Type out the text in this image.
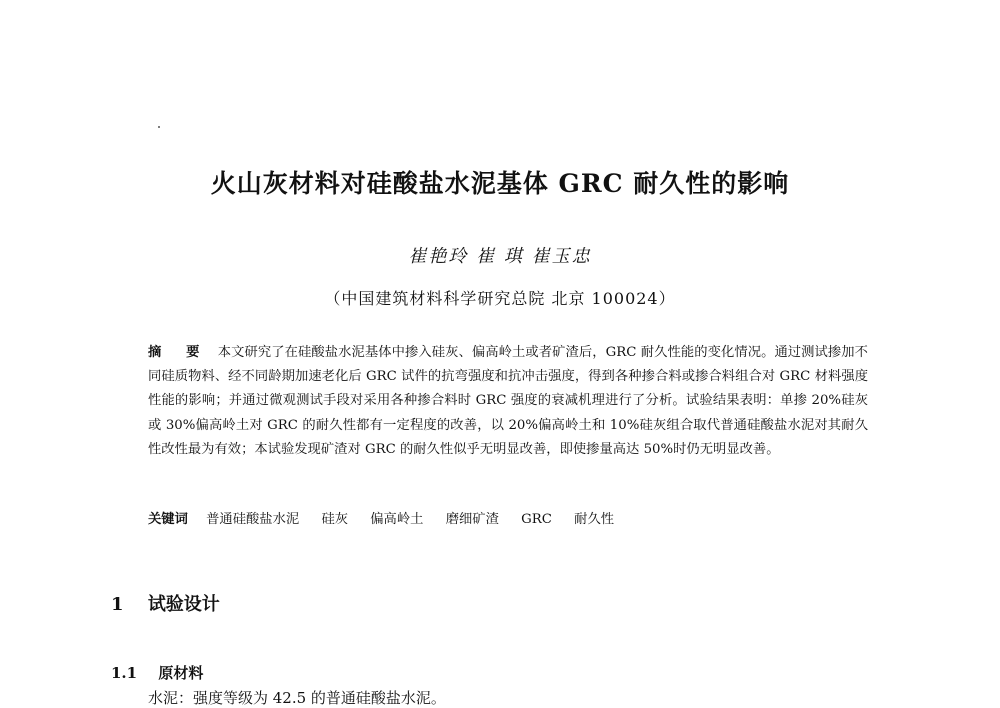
火山灰材料对硅酸盐水泥基体 GRC 耐久性的影响
崔艳玲 崔 琪 崔玉忠
（中国建筑材料科学研究总院 北京 100024）
摘 要 本文研究了在硅酸盐水泥基体中掺入硅灰、偏高岭土或者矿渣后，GRC 耐久性能的变化情况。通过测试掺加不同硅质物料、经不同龄期加速老化后 GRC 试件的抗弯强度和抗冲击强度，得到各种掺合料或掺合料组合对 GRC 材料强度性能的影响；并通过微观测试手段对采用各种掺合料时 GRC 强度的衰减机理进行了分析。试验结果表明：单掺 20%硅灰或 30%偏高岭土对 GRC 的耐久性都有一定程度的改善，以 20%偏高岭土和 10%硅灰组合取代普通硅酸盐水泥对其耐久性改性最为有效；本试验发现矿渣对 GRC 的耐久性似乎无明显改善，即使掺量高达 50%时仍无明显改善。
关键词 普通硅酸盐水泥 硅灰 偏高岭土 磨细矿渣 GRC 耐久性
1 试验设计
1.1 原材料
水泥：强度等级为 42.5 的普通硅酸盐水泥。
